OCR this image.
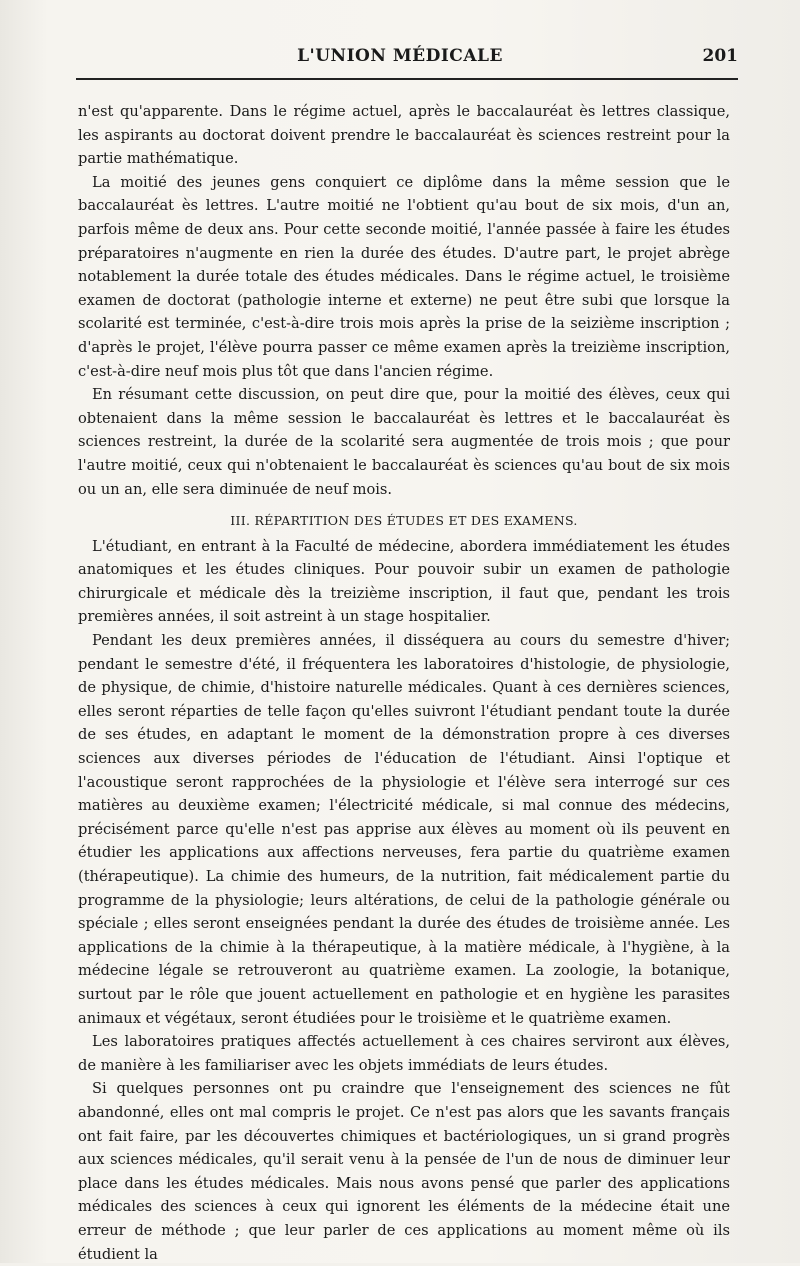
L'UNION MÉDICALE	201

n'est qu'apparente. Dans le régime actuel, après le baccalauréat ès lettres classique, les aspirants au doctorat doivent prendre le baccalauréat ès sciences restreint pour la partie mathématique.

La moitié des jeunes gens conquiert ce diplôme dans la même session que le baccalauréat ès lettres. L'autre moitié ne l'obtient qu'au bout de six mois, d'un an, parfois même de deux ans. Pour cette seconde moitié, l'année passée à faire les études préparatoires n'augmente en rien la durée des études. D'autre part, le projet abrège notablement la durée totale des études médicales. Dans le régime actuel, le troisième examen de doctorat (pathologie interne et externe) ne peut être subi que lorsque la scolarité est terminée, c'est-à-dire trois mois après la prise de la seizième inscription ; d'après le projet, l'élève pourra passer ce même examen après la treizième inscription, c'est-à-dire neuf mois plus tôt que dans l'ancien régime.

En résumant cette discussion, on peut dire que, pour la moitié des élèves, ceux qui obtenaient dans la même session le baccalauréat ès lettres et le baccalauréat ès sciences restreint, la durée de la scolarité sera augmentée de trois mois ; que pour l'autre moitié, ceux qui n'obtenaient le baccalauréat ès sciences qu'au bout de six mois ou un an, elle sera diminuée de neuf mois.

III. RÉPARTITION DES ÉTUDES ET DES EXAMENS.

L'étudiant, en entrant à la Faculté de médecine, abordera immédiatement les études anatomiques et les études cliniques. Pour pouvoir subir un examen de pathologie chirurgicale et médicale dès la treizième inscription, il faut que, pendant les trois premières années, il soit astreint à un stage hospitalier.

Pendant les deux premières années, il disséquera au cours du semestre d'hiver; pendant le semestre d'été, il fréquentera les laboratoires d'histologie, de physiologie, de physique, de chimie, d'histoire naturelle médicales. Quant à ces dernières sciences, elles seront réparties de telle façon qu'elles suivront l'étudiant pendant toute la durée de ses études, en adaptant le moment de la démonstration propre à ces diverses sciences aux diverses périodes de l'éducation de l'étudiant. Ainsi l'optique et l'acoustique seront rapprochées de la physiologie et l'élève sera interrogé sur ces matières au deuxième examen; l'électricité médicale, si mal connue des médecins, précisément parce qu'elle n'est pas apprise aux élèves au moment où ils peuvent en étudier les applications aux affections nerveuses, fera partie du quatrième examen (thérapeutique). La chimie des humeurs, de la nutrition, fait médicalement partie du programme de la physiologie; leurs altérations, de celui de la pathologie générale ou spéciale ; elles seront enseignées pendant la durée des études de troisième année. Les applications de la chimie à la thérapeutique, à la matière médicale, à l'hygiène, à la médecine légale se retrouveront au quatrième examen. La zoologie, la botanique, surtout par le rôle que jouent actuellement en pathologie et en hygiène les parasites animaux et végétaux, seront étudiées pour le troisième et le quatrième examen.

Les laboratoires pratiques affectés actuellement à ces chaires serviront aux élèves, de manière à les familiariser avec les objets immédiats de leurs études.

Si quelques personnes ont pu craindre que l'enseignement des sciences ne fût abandonné, elles ont mal compris le projet. Ce n'est pas alors que les savants français ont fait faire, par les découvertes chimiques et bactériologiques, un si grand progrès aux sciences médicales, qu'il serait venu à la pensée de l'un de nous de diminuer leur place dans les études médicales. Mais nous avons pensé que parler des applications médicales des sciences à ceux qui ignorent les éléments de la médecine était une erreur de méthode ; que leur parler de ces applications au moment même où ils étudient la
